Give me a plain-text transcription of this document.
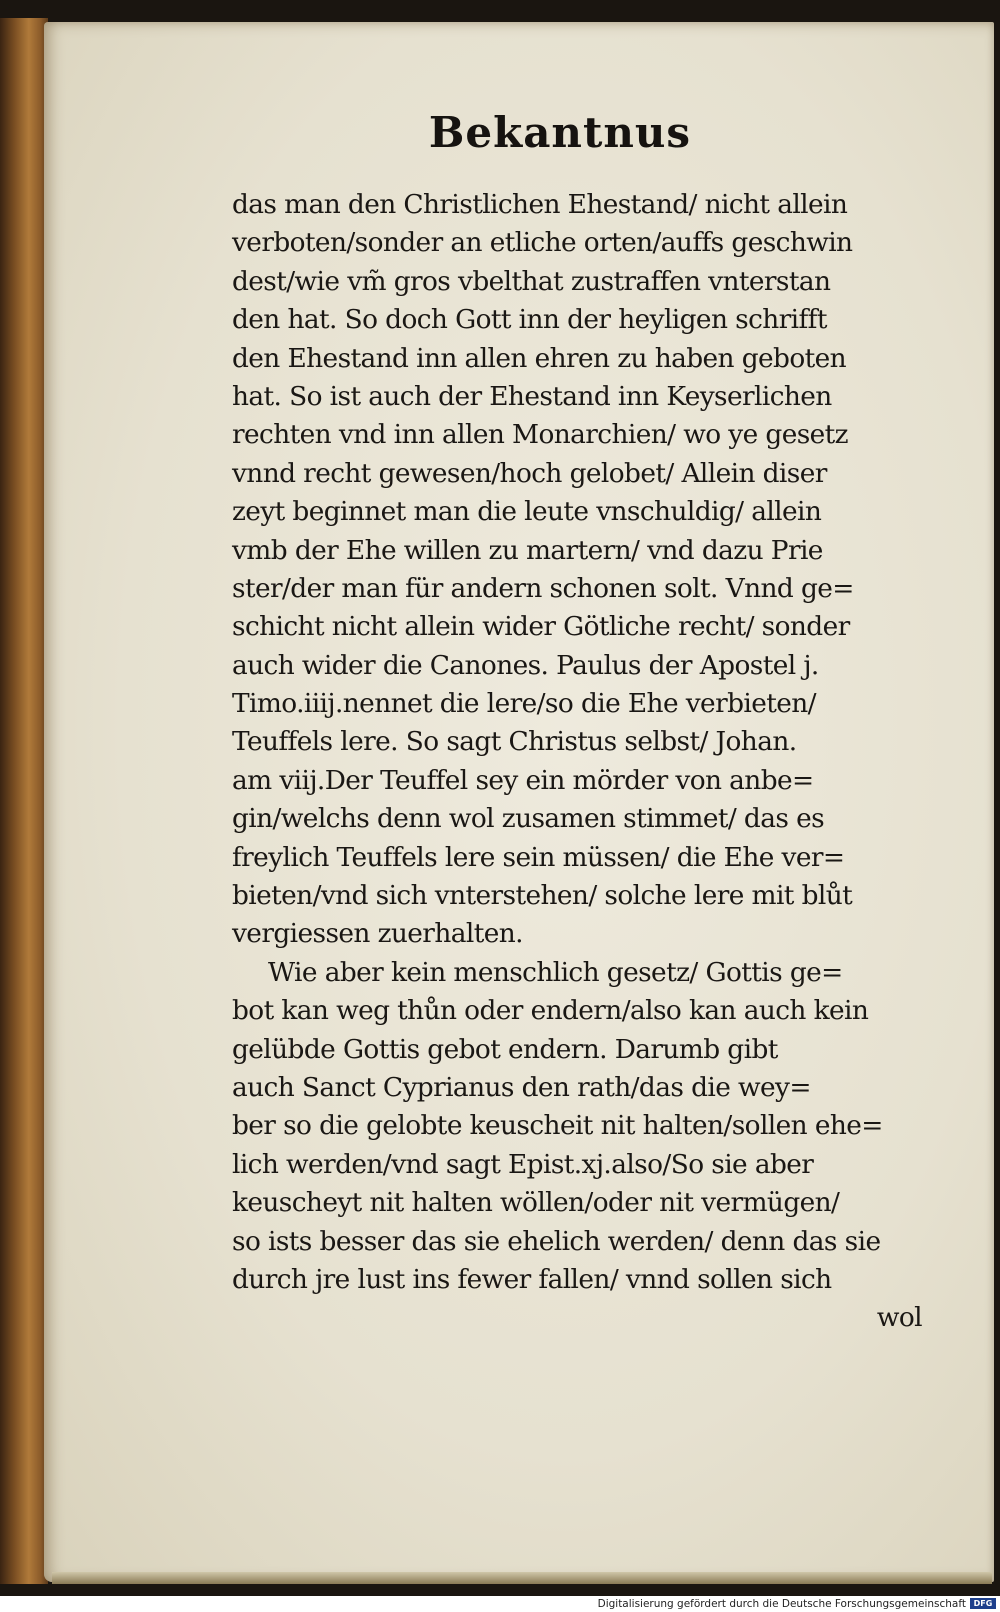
Bekantnus
das man den Christlichen Ehestand/ nicht allein
verboten/sonder an etliche orten/auffs geschwin
dest/wie vm̃ gros vbelthat zustraffen vnterstan
den hat. So doch Gott inn der heyligen schrifft
den Ehestand inn allen ehren zu haben geboten
hat. So ist auch der Ehestand inn Keyserlichen
rechten vnd inn allen Monarchien/ wo ye gesetz
vnnd recht gewesen/hoch gelobet/ Allein diser
zeyt beginnet man die leute vnschuldig/ allein
vmb der Ehe willen zu martern/ vnd dazu Prie
ster/der man für andern schonen solt. Vnnd ge=
schicht nicht allein wider Götliche recht/ sonder
auch wider die Canones. Paulus der Apostel j.
Timo.iiij.nennet die lere/so die Ehe verbieten/
Teuffels lere. So sagt Christus selbst/ Johan.
am viij.Der Teuffel sey ein mörder von anbe=
gin/welchs denn wol zusamen stimmet/ das es
freylich Teuffels lere sein müssen/ die Ehe ver=
bieten/vnd sich vnterstehen/ solche lere mit blůt
vergiessen zuerhalten.
Wie aber kein menschlich gesetz/ Gottis ge=
bot kan weg thůn oder endern/also kan auch kein
gelübde Gottis gebot endern. Darumb gibt
auch Sanct Cyprianus den rath/das die wey=
ber so die gelobte keuscheit nit halten/sollen ehe=
lich werden/vnd sagt Epist.xj.also/So sie aber
keuscheyt nit halten wöllen/oder nit vermügen/
so ists besser das sie ehelich werden/ denn das sie
durch jre lust ins fewer fallen/ vnnd sollen sich
wol
Digitalisierung gefördert durch die Deutsche Forschungsgemeinschaft DFG
